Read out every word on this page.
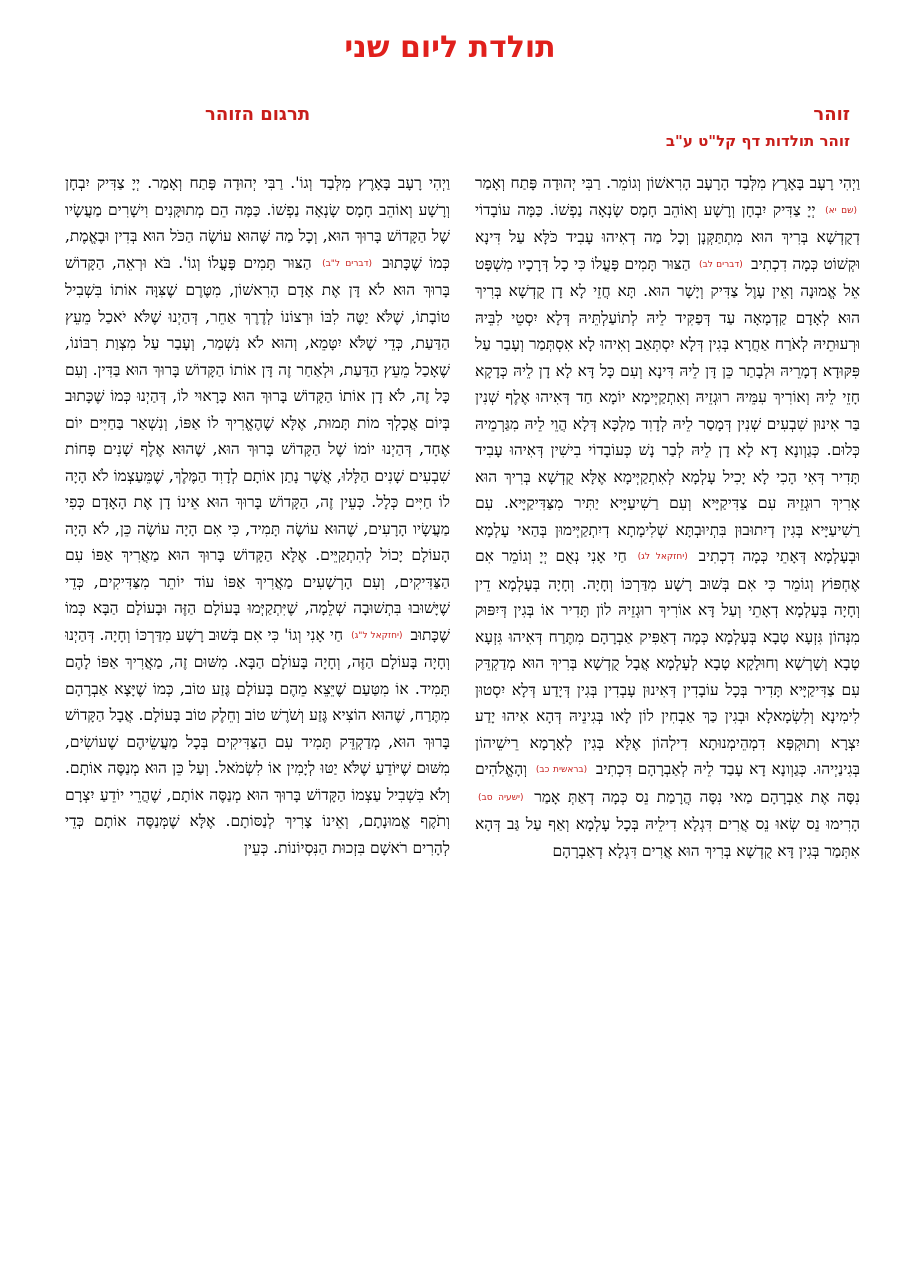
תולדת ליום שני
זוהר
תרגום הזוהר
זוהר תולדות דף קל"ט ע"ב

וַיְהִי רָעָב בָּאָרֶץ מִלְּבַד הָרָעָב הָרִאשׁוֹן וְגוֹמֵר. רַבִּי יְהוּדָה פָּתַח וְאָמַר (שם יא) יְיָ צַדִּיק יִבְחָן וְרָשָׁע וְאוֹהֵב חָמָס שָׂנְאָה נַפְשׁוֹ. כַּמָּה עוֹבָדוֹי דְקֻדְשָׁא בְּרִיךְ הוּא מִתְתַּקְּנָן וְכָל מַה דְאִיהוּ עָבִיד כֹּלָּא עַל דִּינָא וּקְשׁוֹט כְּמָה דִכְתִיב (דברים לב) הַצּוּר תָּמִים פָּעֳלוֹ כִּי כָל דְּרָכָיו מִשְׁפָּט אֵל אֱמוּנָה וְאֵין עָוֶל צַדִּיק וְיָשָׁר הוּא. תָּא חֲזֵי לָא דָן קֻדְשָׁא בְּרִיךְ הוּא לְאָדָם קַדְמָאָה עַד דְּפַקִּיד לֵיהּ לְתוֹעַלְתֵּיהּ דְּלָא יִסְטֵי לִבֵּיהּ וּרְעוּתֵיהּ לְאֹרַח אַחֲרָא בְּגִין דְּלָא יִסְתְּאַב וְאִיהוּ לָא אִסְתְּמַר וְעָבַר עַל פִּקּוּדָא דְמָרֵיהּ וּלְבָתַר כֵּן דָּן לֵיהּ דִּינָא וְעִם כָּל דָּא לָא דָן לֵיהּ כְּדָקָא חָזֵי לֵיהּ וְאוֹרִיךְ עִמֵּיהּ רוּגְזֵיהּ וְאִתְקַיְּימָא יוֹמָא חַד דְּאִיהוּ אֶלֶף שְׁנִין בַּר אִינוּן שִׁבְעִים שְׁנִין דְּמָסַר לֵיהּ לְדָוִד מַלְכָּא דְּלָא הֲוֵי לֵיהּ מִגַּרְמֵיהּ כְּלוּם. כְּגַוְונָא דָא לָא דָן לֵיהּ לְבַר נָשׁ כְּעוֹבָדוֹי בִישִׁין דְּאִיהוּ עָבִיד תָּדִיר דְּאִי הָכִי לָא יָכִיל עָלְמָא לְאִתְקַיְּימָא אֶלָּא קֻדְשָׁא בְּרִיךְ הוּא אָרִיךְ רוּגְזֵיהּ עִם צַדִּיקַיָּיא וְעִם רַשִׁיעַיָּיא יַתִּיר מִצַּדִּיקַיָּיא. עִם רַשִׁיעַיָּיא בְּגִין דְיִתוּבוּן בִּתְיוּבְתָּא שְׁלִימָתָא דְיִתְקַיְּימוּן בְּהַאי עָלְמָא וּבְעָלְמָא דְּאָתֵי כְּמָה דִכְתִיב (יחזקאל לג) חַי אָנִי נְאֻם יְיָ וְגוֹמֵר אִם אֶחְפּוֹץ וְגוֹמֵר כִּי אִם בְּשׁוּב רָשָׁע מִדַּרְכּוֹ וְחָיָה. וְחָיָה בְּעָלְמָא דֵין וְחָיָה בְּעָלְמָא דְאָתֵי וְעַל דָּא אוֹרִיךְ רוּגְזֵיהּ לוֹן תָּדִיר אוֹ בְּגִין דְּיִפּוּק מִנְּהוֹן גִּזְעָא טָבָא בְּעָלְמָא כְּמָה דְאַפִּיק אַבְרָהָם מִתֶּרַח דְּאִיהוּ גִּזְעָא טָבָא וְשָׁרְשָׁא וְחוּלָקָא טָבָא לְעָלְמָא אֲבָל קֻדְשָׁא בְּרִיךְ הוּא מְדַקְדֵּק עִם צַדִּיקַיָּיא תָּדִיר בְּכָל עוֹבָדִין דְּאִינוּן עָבְדִין בְּגִין דְּיָדַע דְּלָא יִסְטוּן לִימִינָא וְלִשְׂמָאלָא וּבְגִין כַּךְ אַבְחִין לוֹן לָאו בְּגִינֵיהּ דְּהָא אִיהוּ יָדַע יִצְרָא וְתוּקְפָּא דִמְהֵימְנוּתָא דִילְהוֹן אֶלָּא בְּגִין לְאָרָמָא רֵישֵׁיהוֹן בְּגִינַיְיהוּ. כְּגַוְונָא דָא עָבַד לֵיהּ לְאַבְרָהָם דִּכְתִיב (בראשית כב) וְהָאֱלֹהִים נִסָּה אֶת אַבְרָהָם מַאי נִסָּה הֲרָמַת נֵס כְּמָה דְאַתְּ אָמַר (ישעיה סב) הָרִימוּ נֵס שְׂאוּ נֵס אֲרִים דִּגְלָא דִילֵיהּ בְּכָל עָלְמָא וְאַף עַל גַּב דְּהָא אִתְּמַר בְּגִין דָּא קֻדְשָׁא בְּרִיךְ הוּא אֲרִים דִּגְלָא דְאַבְרָהָם

וַיְהִי רָעָב בָּאָרֶץ מִלְּבַד וְגוֹ'. רַבִּי יְהוּדָה פָּתַח וְאָמַר. יְיָ צַדִּיק יִבְחָן וְרָשָׁע וְאוֹהֵב חָמָס שָׂנְאָה נַפְשׁוֹ. כַּמָּה הֵם מְתוּקָּנִים וִישָׁרִים מַעֲשָׂיו שֶׁל הַקָּדוֹשׁ בָּרוּךְ הוּא, וְכָל מַה שֶּׁהוּא עוֹשֶׂה הַכֹּל הוּא בְּדִין וּבֶאֱמֶת, כְּמוֹ שֶׁכָּתוּב (דברים ל"ב) הַצּוּר תָּמִים פָּעֳלוֹ וְגוֹ'. בֹּא וּרְאֵה, הַקָּדוֹשׁ בָּרוּךְ הוּא לֹא דָּן אֶת אָדָם הָרִאשׁוֹן, מִטֶּרֶם שֶׁצִּוָּה אוֹתוֹ בִּשְׁבִיל טוֹבָתוֹ, שֶׁלֹּא יַטֶּה לִבּוֹ וּרְצוֹנוֹ לְדֶרֶךְ אַחֵר, דְּהַיְנוּ שֶׁלֹּא יֹאכַל מֵעֵץ הַדַּעַת, כְּדֵי שֶׁלֹּא יִטָּמֵא, וְהוּא לֹא נִשְׁמַר, וְעָבַר עַל מִצְוַת רִבּוֹנוֹ, שֶׁאָכַל מֵעֵץ הַדַּעַת, וּלְאַחַר זֶה דָּן אוֹתוֹ הַקָּדוֹשׁ בָּרוּךְ הוּא בַּדִּין. וְעִם כָּל זֶה, לֹא דָן אוֹתוֹ הַקָּדוֹשׁ בָּרוּךְ הוּא כָּרָאוּי לוֹ, דְּהַיְנוּ כְּמוֹ שֶׁכָּתוּב בְּיוֹם אֲכָלְךָ מוֹת תָּמוּת, אֶלָּא שֶׁהֶאֱרִיךְ לוֹ אַפּוֹ, וְנִשְׁאַר בַּחַיִּים יוֹם אֶחָד, דְּהַיְנוּ יוֹמוֹ שֶׁל הַקָּדוֹשׁ בָּרוּךְ הוּא, שֶׁהוּא אֶלֶף שָׁנִים פָּחוֹת שִׁבְעִים שָׁנִים הַלָּלוּ, אֲשֶׁר נָתַן אוֹתָם לְדָוִד הַמֶּלֶךְ, שֶׁמֵּעַצְמוֹ לֹא הָיָה לוֹ חַיִּים כְּלָל. כְּעֵין זֶה, הַקָּדוֹשׁ בָּרוּךְ הוּא אֵינוֹ דָן אֶת הָאָדָם כְּפִי מַעֲשָׂיו הָרָעִים, שֶׁהוּא עוֹשֶׂה תָּמִיד, כִּי אִם הָיָה עוֹשֶׂה כֵּן, לֹא הָיָה הָעוֹלָם יָכוֹל לְהִתְקַיֵּים. אֶלָּא הַקָּדוֹשׁ בָּרוּךְ הוּא מַאֲרִיךְ אַפּוֹ עִם הַצַּדִּיקִים, וְעִם הָרְשָׁעִים מַאֲרִיךְ אַפּוֹ עוֹד יוֹתֵר מִצַּדִּיקִים, כְּדֵי שֶׁיָּשׁוּבוּ בִּתְשׁוּבָה שְׁלֵמָה, שֶׁיִּתְקַיְּמוּ בָּעוֹלָם הַזֶּה וּבָעוֹלָם הַבָּא כְּמוֹ שֶׁכָּתוּב (יחזקאל ל"ג) חַי אָנִי וְגוֹ' כִּי אִם בְּשׁוּב רָשָׁע מִדַּרְכּוֹ וְחָיָה. דְּהַיְנוּ וְחָיָה בָּעוֹלָם הַזֶּה, וְחָיָה בָּעוֹלָם הַבָּא. מִשּׁוּם זֶה, מַאֲרִיךְ אַפּוֹ לָהֶם תָּמִיד. אוֹ מִטַּעַם שֶׁיֵּצֵא מֵהֶם בָּעוֹלָם גֶּזַע טוֹב, כְּמוֹ שֶׁיָּצָא אַבְרָהָם מִתֶּרַח, שֶׁהוּא הוֹצִיא גֶּזַע וְשֹׁרֶשׁ טוֹב וְחֵלֶק טוֹב בָּעוֹלָם. אֲבָל הַקָּדוֹשׁ בָּרוּךְ הוּא, מְדַקְדֵּק תָּמִיד עִם הַצַּדִּיקִים בְּכָל מַעֲשֵׂיהֶם שֶׁעוֹשִׂים, מִשּׁוּם שֶׁיּוֹדֵעַ שֶׁלֹּא יַטּוּ לְיָמִין אוֹ לִשְׂמֹאל. וְעַל כֵּן הוּא מְנַסֶּה אוֹתָם. וְלֹא בִּשְׁבִיל עַצְמוֹ הַקָּדוֹשׁ בָּרוּךְ הוּא מְנַסֶּה אוֹתָם, שֶׁהֲרֵי יוֹדֵעַ יִצְרָם וְתֹקֶף אֱמוּנָתָם, וְאֵינוֹ צָרִיךְ לְנַסּוֹתָם. אֶלָּא שֶׁמְּנַסֶּה אוֹתָם כְּדֵי לְהָרִים רֹאשָׁם בִּזְכוּת הַנִּסְיוֹנוֹת. כְּעֵין
